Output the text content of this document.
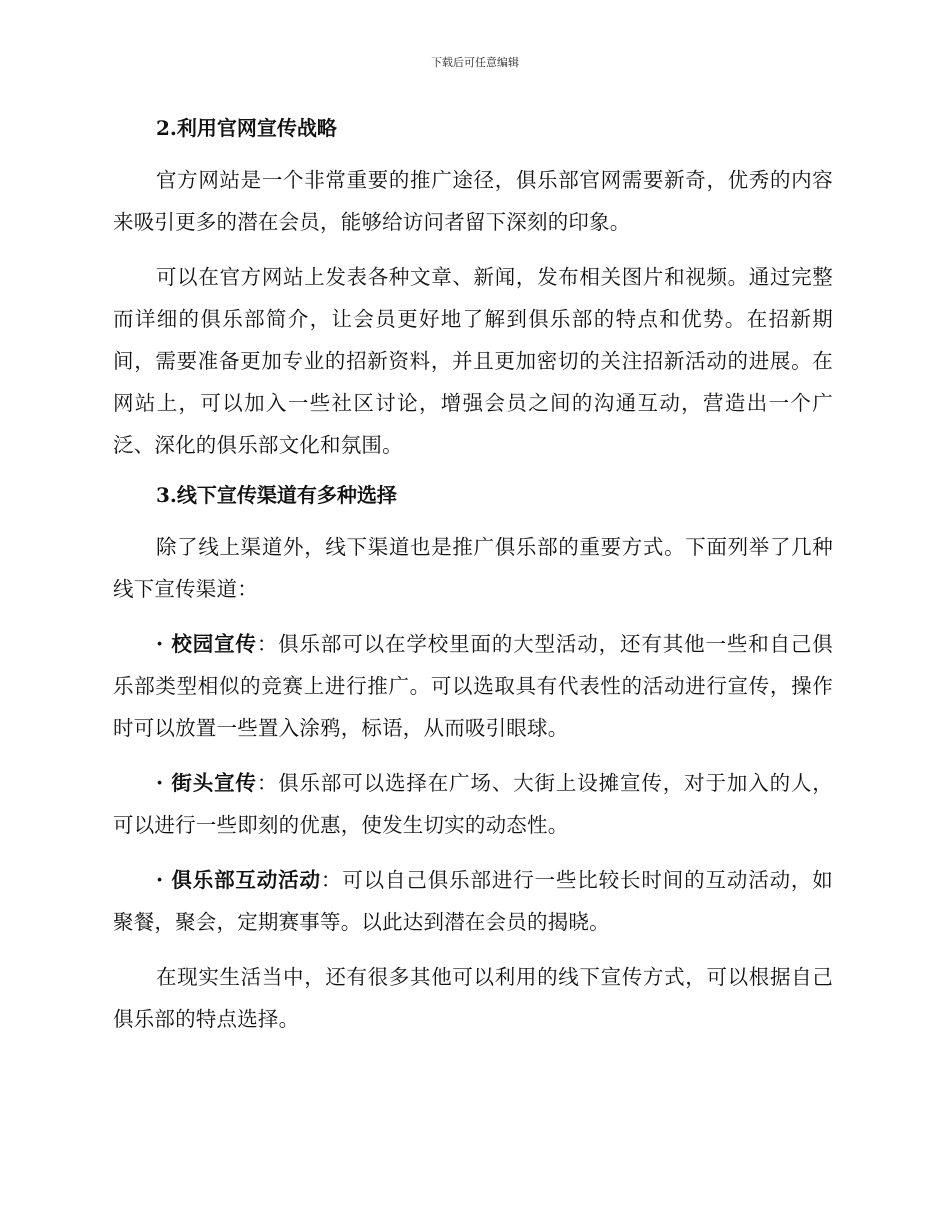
下载后可任意编辑
2.利用官网宣传战略

官方网站是一个非常重要的推广途径，俱乐部官网需要新奇，优秀的内容来吸引更多的潜在会员，能够给访问者留下深刻的印象。

可以在官方网站上发表各种文章、新闻，发布相关图片和视频。通过完整而详细的俱乐部简介，让会员更好地了解到俱乐部的特点和优势。在招新期间，需要准备更加专业的招新资料，并且更加密切的关注招新活动的进展。在网站上，可以加入一些社区讨论，增强会员之间的沟通互动，营造出一个广泛、深化的俱乐部文化和氛围。

3.线下宣传渠道有多种选择

除了线上渠道外，线下渠道也是推广俱乐部的重要方式。下面列举了几种线下宣传渠道：

· 校园宣传：俱乐部可以在学校里面的大型活动，还有其他一些和自己俱乐部类型相似的竞赛上进行推广。可以选取具有代表性的活动进行宣传，操作时可以放置一些置入涂鸦，标语，从而吸引眼球。

· 街头宣传：俱乐部可以选择在广场、大街上设摊宣传，对于加入的人，可以进行一些即刻的优惠，使发生切实的动态性。

· 俱乐部互动活动：可以自己俱乐部进行一些比较长时间的互动活动，如聚餐，聚会，定期赛事等。以此达到潜在会员的揭晓。

在现实生活当中，还有很多其他可以利用的线下宣传方式，可以根据自己俱乐部的特点选择。
